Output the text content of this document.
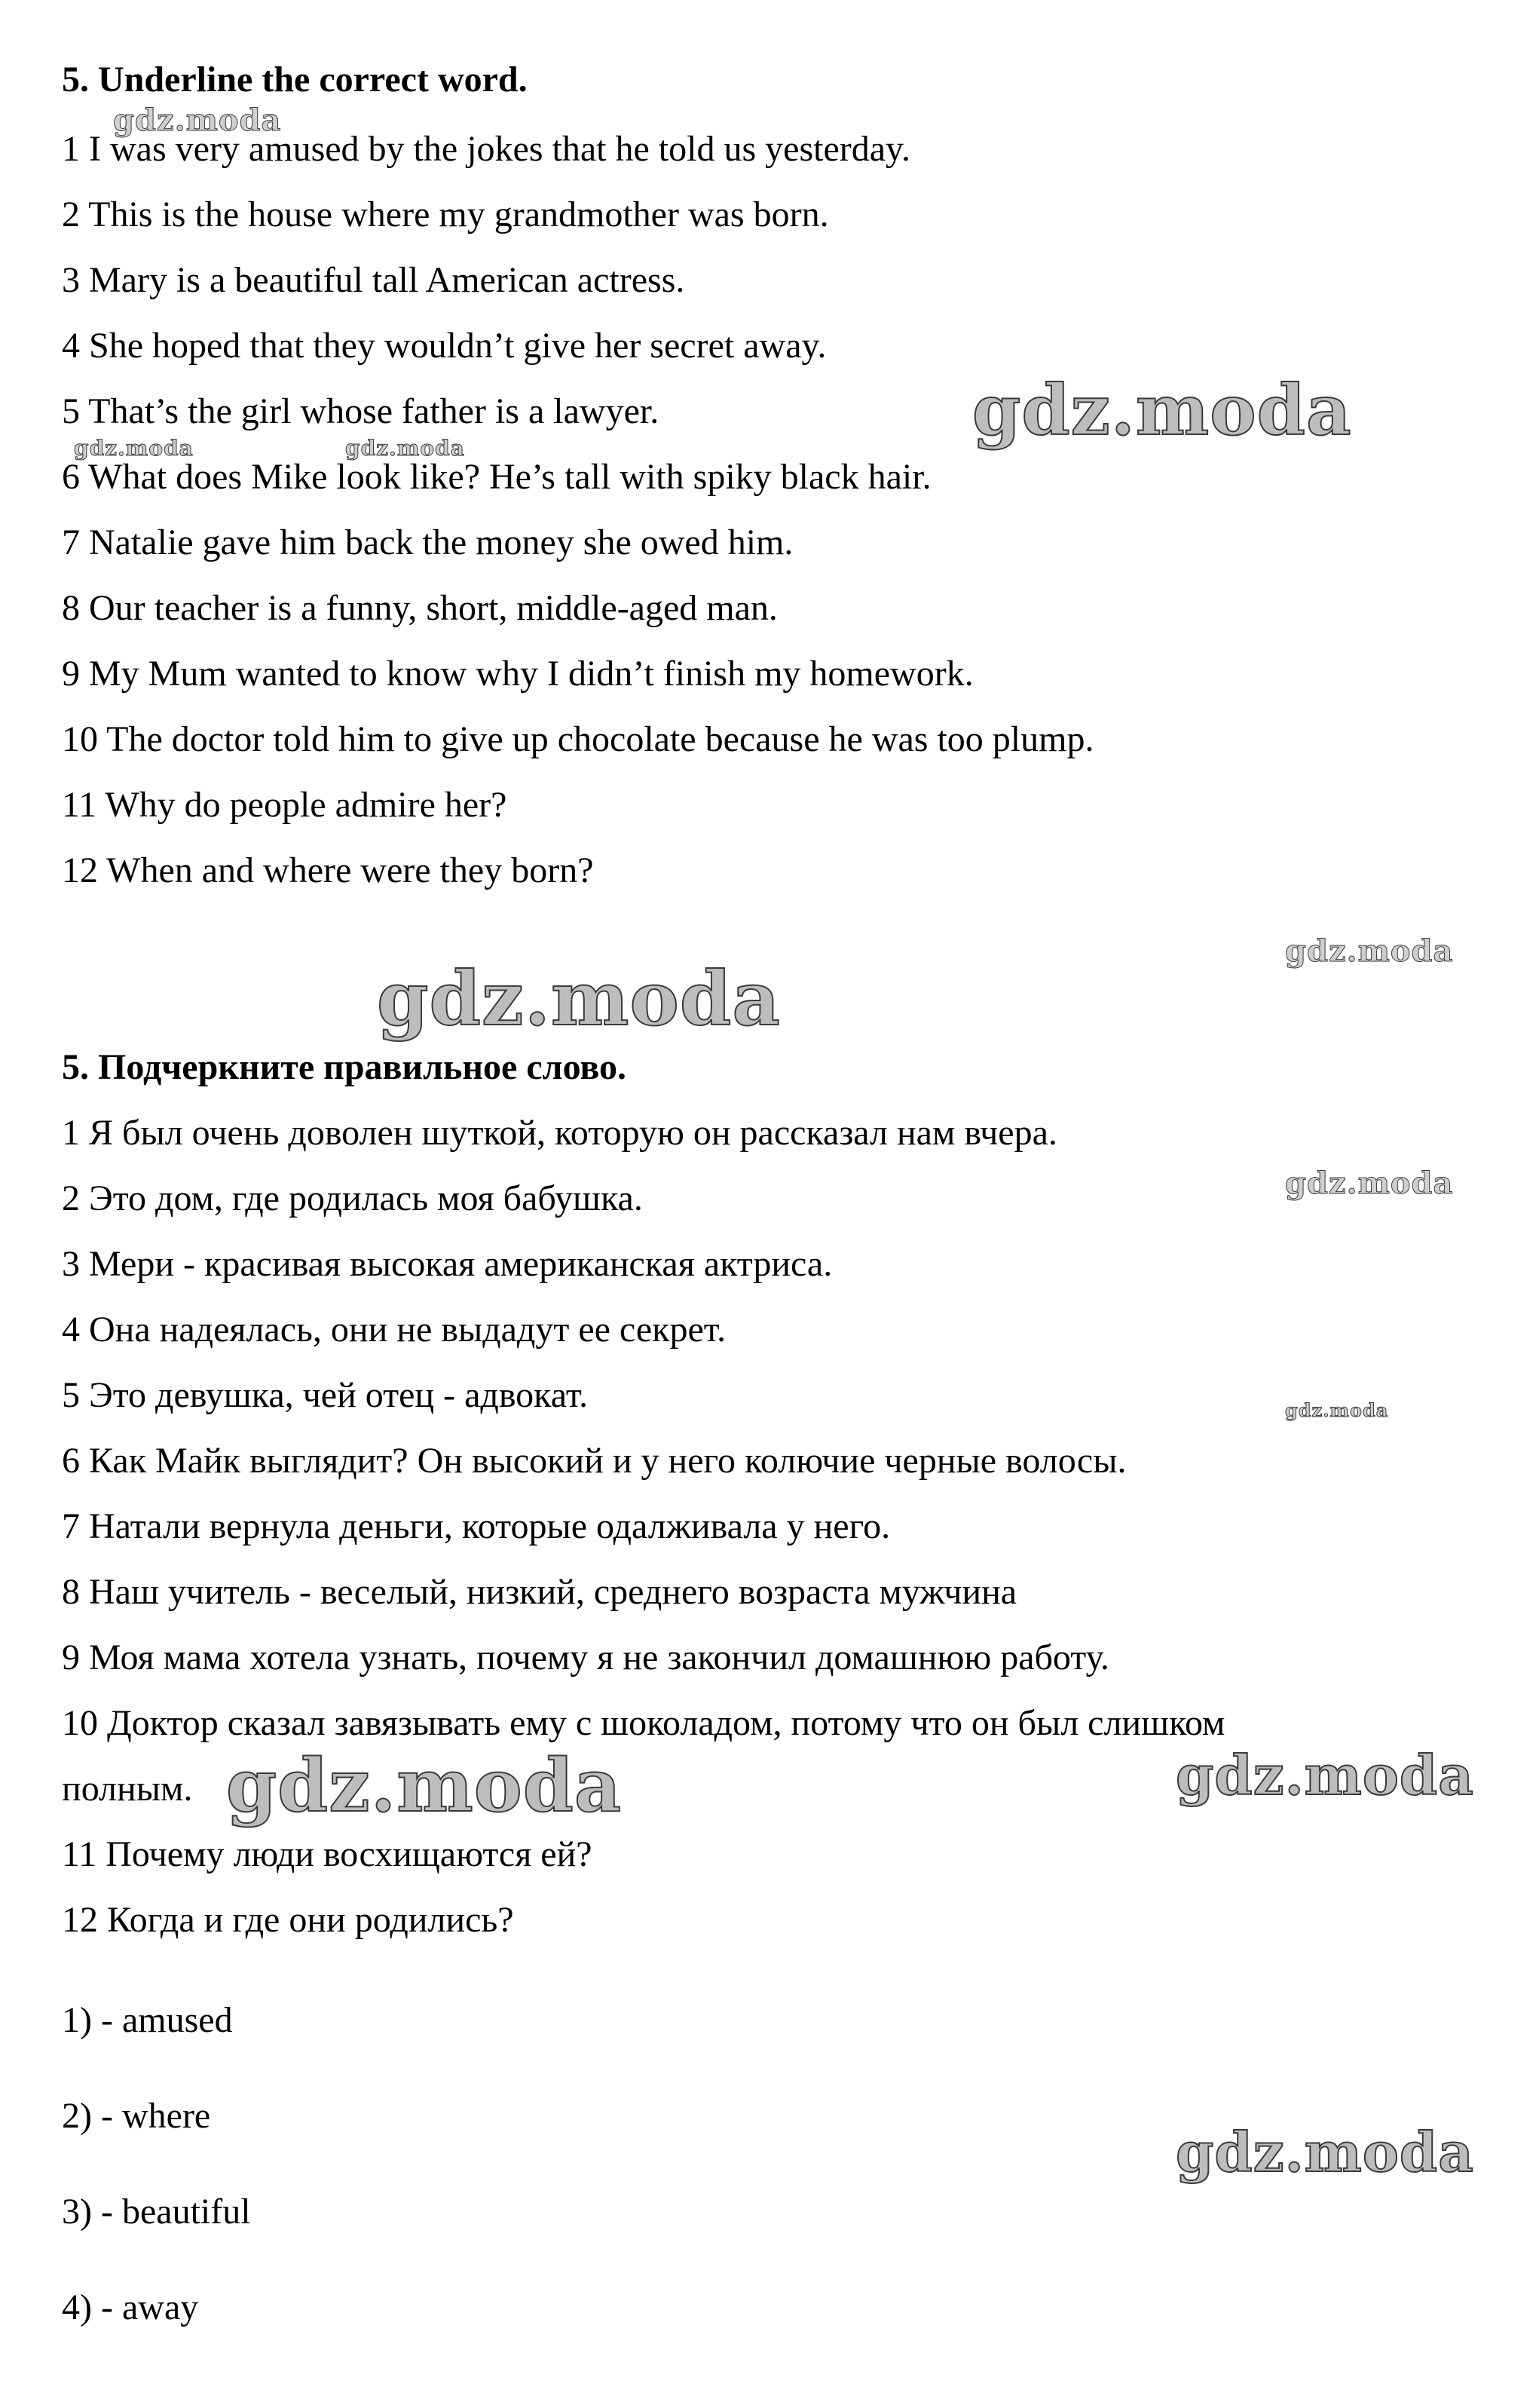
5. Underline the correct word.
1 I was very amused by the jokes that he told us yesterday.
2 This is the house where my grandmother was born.
3 Mary is a beautiful tall American actress.
4 She hoped that they wouldn’t give her secret away.
5 That’s the girl whose father is a lawyer.
6 What does Mike look like? He’s tall with spiky black hair.
7 Natalie gave him back the money she owed him.
8 Our teacher is a funny, short, middle-aged man.
9 My Mum wanted to know why I didn’t finish my homework.
10 The doctor told him to give up chocolate because he was too plump.
11 Why do people admire her?
12 When and where were they born?
5. Подчеркните правильное слово.
1 Я был очень доволен шуткой, которую он рассказал нам вчера.
2 Это дом, где родилась моя бабушка.
3 Мери - красивая высокая американская актриса.
4 Она надеялась, они не выдадут ее секрет.
5 Это девушка, чей отец - адвокат.
6 Как Майк выглядит? Он высокий и у него колючие черные волосы.
7 Натали вернула деньги, которые одалживала у него.
8 Наш учитель - веселый, низкий, среднего возраста мужчина
9 Моя мама хотела узнать, почему я не закончил домашнюю работу.
10 Доктор сказал завязывать ему с шоколадом, потому что он был слишком
полным.
11 Почему люди восхищаются ей?
12 Когда и где они родились?
1) - amused
2) - where
3) - beautiful
4) - away
gdz.moda
gdz.moda
gdz.moda	gdz.moda
gdz.moda
gdz.moda
gdz.moda
gdz.moda
gdz.moda	gdz.moda
gdz.moda
